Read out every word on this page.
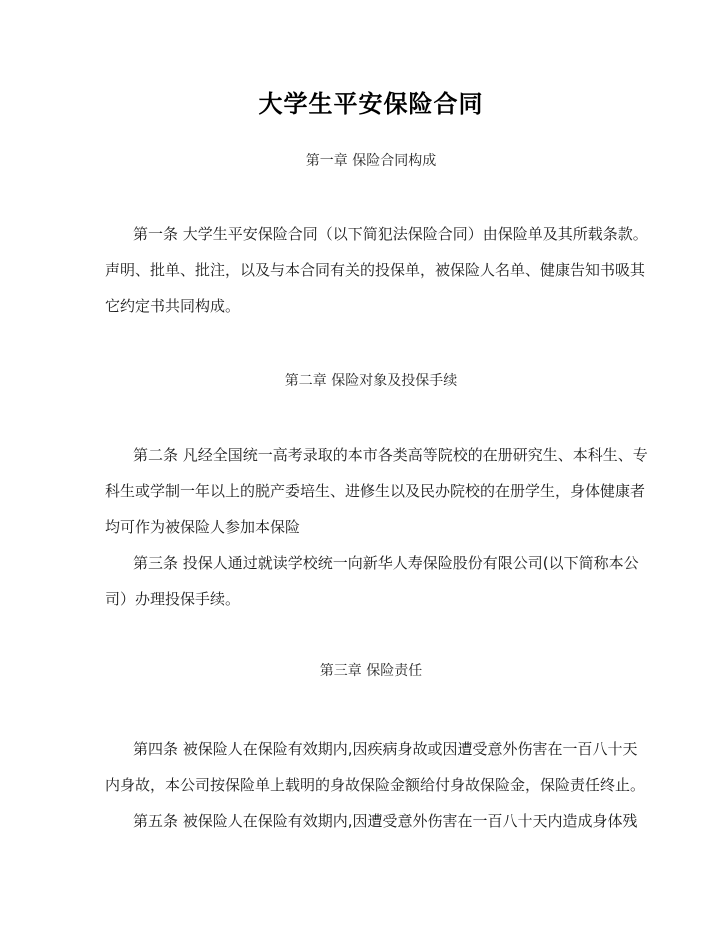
大学生平安保险合同
第一章 保险合同构成
第一条 大学生平安保险合同（以下简犯法保险合同）由保险单及其所载条款。
声明、批单、批注，以及与本合同有关的投保单，被保险人名单、健康告知书吸其
它约定书共同构成。
第二章 保险对象及投保手续
第二条 凡经全国统一高考录取的本市各类高等院校的在册研究生、本科生、专
科生或学制一年以上的脱产委培生、进修生以及民办院校的在册学生，身体健康者
均可作为被保险人参加本保险
第三条 投保人通过就读学校统一向新华人寿保险股份有限公司(以下简称本公
司）办理投保手续。
第三章 保险责任
第四条 被保险人在保险有效期内,因疾病身故或因遭受意外伤害在一百八十天
内身故，本公司按保险单上载明的身故保险金额给付身故保险金，保险责任终止。
第五条 被保险人在保险有效期内,因遭受意外伤害在一百八十天内造成身体残
